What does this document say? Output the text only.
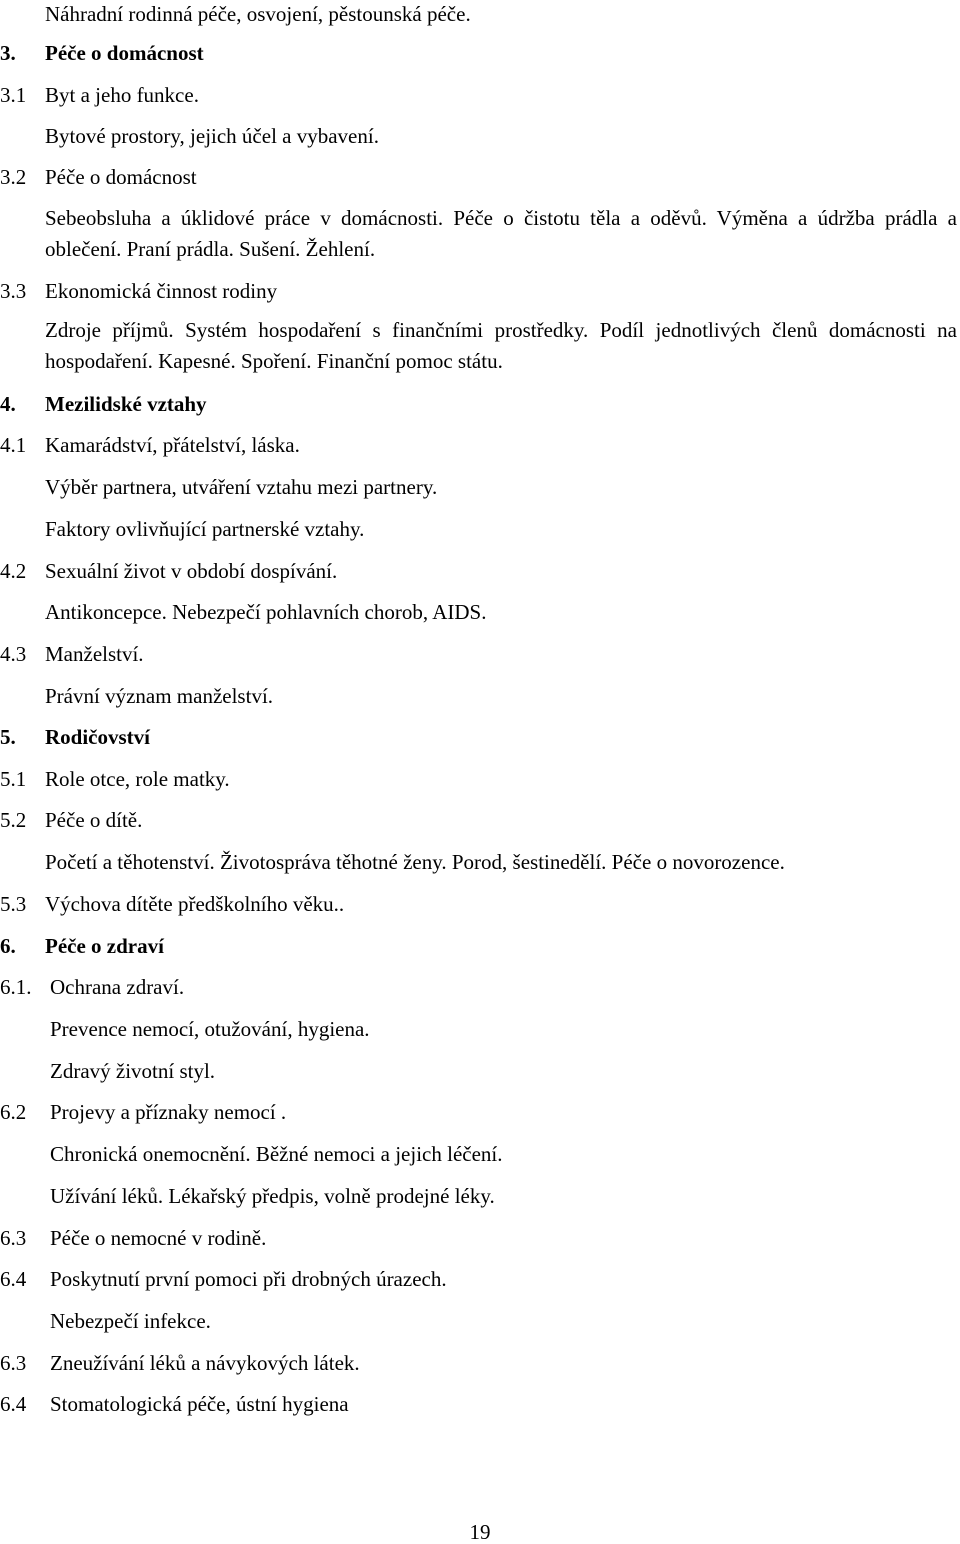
Náhradní rodinná péče, osvojení, pěstounská péče.
3. Péče o domácnost
3.1 Byt a jeho funkce.
Bytové prostory, jejich účel a vybavení.
3.2 Péče o domácnost
Sebeobsluha a úklidové práce v domácnosti. Péče o čistotu těla a oděvů. Výměna a údržba prádla a oblečení. Praní prádla. Sušení. Žehlení.
3.3 Ekonomická činnost rodiny
Zdroje příjmů. Systém hospodaření s finančními prostředky. Podíl jednotlivých členů domácnosti na hospodaření. Kapesné. Spoření. Finanční pomoc státu.
4. Mezilidské vztahy
4.1 Kamarádství, přátelství, láska.
Výběr partnera, utváření vztahu mezi partnery.
Faktory ovlivňující partnerské vztahy.
4.2 Sexuální život v období dospívání.
Antikoncepce. Nebezpečí pohlavních chorob, AIDS.
4.3 Manželství.
Právní význam manželství.
5. Rodičovství
5.1 Role otce, role matky.
5.2 Péče o dítě.
Početí a těhotenství. Životospráva těhotné ženy. Porod, šestinedělí. Péče o novorozence.
5.3 Výchova dítěte předškolního věku..
6. Péče o zdraví
6.1. Ochrana zdraví.
Prevence nemocí, otužování, hygiena.
Zdravý životní styl.
6.2 Projevy a příznaky nemocí .
Chronická onemocnění. Běžné nemoci a jejich léčení.
Užívání léků. Lékařský předpis, volně prodejné léky.
6.3 Péče o nemocné v rodině.
6.4 Poskytnutí první pomoci při drobných úrazech.
Nebezpečí infekce.
6.3 Zneužívání léků a návykových látek.
6.4 Stomatologická péče, ústní hygiena
19
